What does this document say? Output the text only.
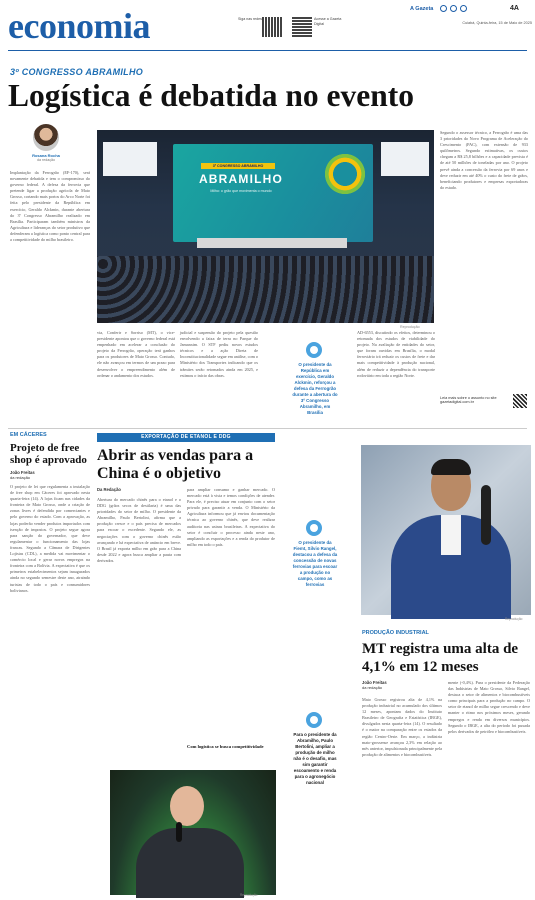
economia	Siga nas redes	Acesse a Gazeta Digital
A Gazeta	4A
Cuiabá, Quinta-feira, 15 de Maio de 2025
3º CONGRESSO ABRAMILHO
Logística é debatida no evento
Rosana Rocha
da redação
Implantação da Ferrogrão (EF-170), será novamente debatida e tem o compromisso do governo federal. A defesa da ferrovia que pretende ligar a produção agrícola de Mato Grosso, cortando mais portos do Arco Norte foi feita pelo presidente da República em exercício, Geraldo Alckmin, durante abertura do 3º Congresso Abramilho realizado em Brasília. Participaram também ministros da Agricultura e lideranças do setor produtivo que defenderam a logística como ponto central para a competitividade do milho brasileiro.
3º CONGRESSO ABRAMILHO
ABRAMILHO
Milho: o grão que movimenta o mundo
Reprodução
via, Conferir e Sorriso (MT), o vice-presidente apontou que o governo federal está empenhado em acelerar a conclusão do projeto da Ferrogrão, operação terá ganhos para os produtores de Mato Grosso. Contudo, ele não avançou em termos de um prazo para desenvolver o empreendimento além de ordenar o andamento dos estudos.
judicial e suspensão do projeto pela questão envolvendo a faixa de terra no Parque do Jamanxim. O STF pediu novos estudos técnicos e a ação Direta de Inconstitucionalidade segue em análise, com o Ministério dos Transportes indicando que os trâmites serão retomados ainda em 2025, e estimou o início das obras.
AD-6553, discutindo os efeitos, determinou o retomada dos estudos de viabilidade do projeto. Na avaliação de entidades do setor, que foram ouvidas em Brasília, o modal ferroviário irá reduzir os custos de frete e dar mais competitividade à produção nacional, além de reduzir a dependência do transporte rodoviário em toda a região Norte.
Segundo o assessor técnico, a Ferrogrão é uma das 3 prioridades do Novo Programa de Aceleração do Crescimento (PAC), com extensão de 933 quilômetros. Segundo estimativas, os custos chegam a R$ 25,8 bilhões e a capacidade prevista é de até 50 milhões de toneladas por ano. O projeto prevê ainda a concessão da ferrovia por 69 anos e deve reduzir em até 40% o custo do frete de grãos, beneficiando produtores e empresas exportadoras do estado.
Leia mais sobre o assunto no site gazetadigital.com.br
O presidente da República em exercício, Geraldo Alckmin, reforçou a defesa da Ferrogrão durante a abertura do 3º Congresso Abramilho, em Brasília
O presidente da Fiemt, Silvio Rangel, destacou a defesa da concessão de novas ferrovias para escoar a produção no campo, como as ferrovias
Para o presidente da Abramilho, Paulo Bertolini, ampliar a produção de milho não é o desafio, mas sim garantir escoamento e renda para o agronegócio nacional
EM CÁCERES
Projeto de free shop é aprovado
João Freitas
da redação
O projeto de lei que regulamenta a instalação de free shop em Cáceres foi aprovado nesta quarta-feira (14). A lojas ficam nas cidades da fronteira de Mato Grosso, onde a criação de zonas livres é defendida por comerciantes e pelo governo do estado. Com a aprovação, as lojas poderão vender produtos importados com isenção de impostos. O projeto segue agora para sanção do governador, que deve regulamentar o funcionamento das lojas francas. Segundo a Câmara de Dirigentes Lojistas (CDL), a medida vai movimentar o comércio local e gerar novos empregos na fronteira com a Bolívia. A expectativa é que os primeiros estabelecimentos sejam inaugurados ainda no segundo semestre deste ano, atraindo turistas de todo o país e consumidores bolivianos.
EXPORTAÇÃO DE ETANOL E DDG
Abrir as vendas para a China é o objetivo
Da Redação
Abertura do mercado chinês para o etanol e o DDG (grãos secos de destilaria) é uma das prioridades do setor de milho. O presidente da Abramilho, Paulo Bertolini, afirma que a produção cresce e o país precisa de mercados para escoar o excedente. Segundo ele, as negociações com o governo chinês estão avançando e há expectativa de anúncio em breve. O Brasil já exporta milho em grão para a China desde 2022 e agora busca ampliar a pauta com derivados.
para ampliar consumo e ganhar mercado. O mercado está à vista e temos condições de atender. Para ele, é preciso atuar em conjunto com o setor privado para garantir a venda. O Ministério da Agricultura informou que já enviou documentação técnica ao governo chinês, que deve realizar auditoria nas usinas brasileiras. A expectativa do setor é concluir o processo ainda neste ano, ampliando as exportações e a renda do produtor de milho em todo o país.
Com logística se busca competitividade
Reprodução
Reprodução
PRODUÇÃO INDUSTRIAL
MT registra uma alta de 4,1% em 12 meses
João Freitas
da redação
Mato Grosso registrou alta de 4,1% na produção industrial no acumulado dos últimos 12 meses, apontam dados do Instituto Brasileiro de Geografia e Estatística (IBGE), divulgados nesta quarta-feira (14). O resultado é o maior na comparação entre os estados da região Centro-Oeste. Em março, a indústria mato-grossense avançou 2,3% em relação ao mês anterior, impulsionada principalmente pela produção de alimentos e biocombustíveis.
mente (-0,4%). Para o presidente da Federação das Indústrias de Mato Grosso, Silvio Rangel, destaca o setor de alimentos e biocombustíveis como principais para a produção no campo. O setor de etanol de milho segue crescendo e deve manter o ritmo nos próximos meses, gerando empregos e renda em diversos municípios. Segundo o IBGE, a alta do período foi puxada pelos derivados de petróleo e biocombustíveis.
